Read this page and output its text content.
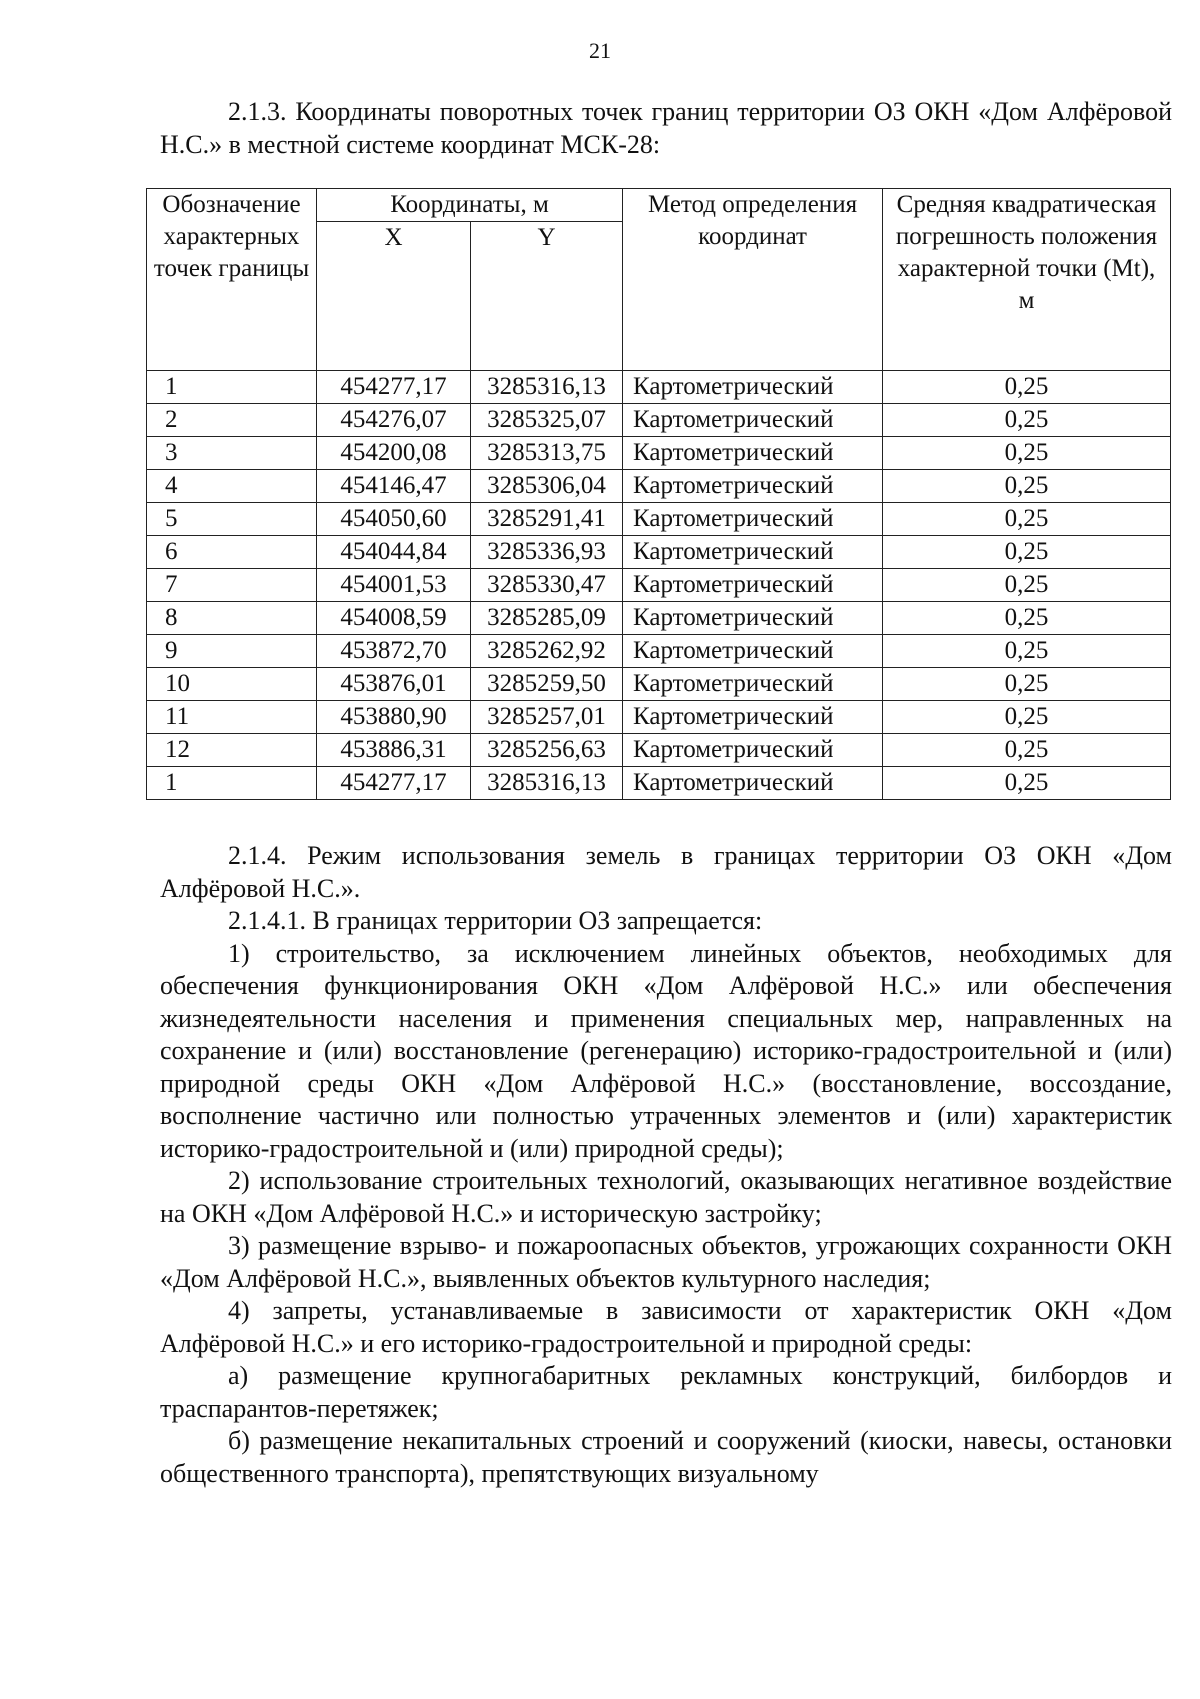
21
2.1.3. Координаты поворотных точек границ территории ОЗ ОКН «Дом Алфёровой Н.С.» в местной системе координат МСК-28:
Обозначение характерных точек границы	Координаты, м		Метод определения координат	Средняя квадратическая погрешность положения характерной точки (Mt), м
	X	Y		
1	454277,17	3285316,13	Картометрический	0,25
2	454276,07	3285325,07	Картометрический	0,25
3	454200,08	3285313,75	Картометрический	0,25
4	454146,47	3285306,04	Картометрический	0,25
5	454050,60	3285291,41	Картометрический	0,25
6	454044,84	3285336,93	Картометрический	0,25
7	454001,53	3285330,47	Картометрический	0,25
8	454008,59	3285285,09	Картометрический	0,25
9	453872,70	3285262,92	Картометрический	0,25
10	453876,01	3285259,50	Картометрический	0,25
11	453880,90	3285257,01	Картометрический	0,25
12	453886,31	3285256,63	Картометрический	0,25
1	454277,17	3285316,13	Картометрический	0,25

2.1.4. Режим использования земель в границах территории ОЗ ОКН «Дом Алфёровой Н.С.».

2.1.4.1. В границах территории ОЗ запрещается:

1) строительство, за исключением линейных объектов, необходимых для обеспечения функционирования ОКН «Дом Алфёровой Н.С.» или обеспечения жизнедеятельности населения и применения специальных мер, направленных на сохранение и (или) восстановление (регенерацию) историко-градостроительной и (или) природной среды ОКН «Дом Алфёровой Н.С.» (восстановление, воссоздание, восполнение частично или полностью утраченных элементов и (или) характеристик историко-градостроительной и (или) природной среды);

2) использование строительных технологий, оказывающих негативное воздействие на ОКН «Дом Алфёровой Н.С.» и историческую застройку;

3) размещение взрыво- и пожароопасных объектов, угрожающих сохранности ОКН «Дом Алфёровой Н.С.», выявленных объектов культурного наследия;

4) запреты, устанавливаемые в зависимости от характеристик ОКН «Дом Алфёровой Н.С.» и его историко-градостроительной и природной среды:

а) размещение крупногабаритных рекламных конструкций, билбордов и траспарантов-перетяжек;

б) размещение некапитальных строений и сооружений (киоски, навесы, остановки общественного транспорта), препятствующих визуальному
